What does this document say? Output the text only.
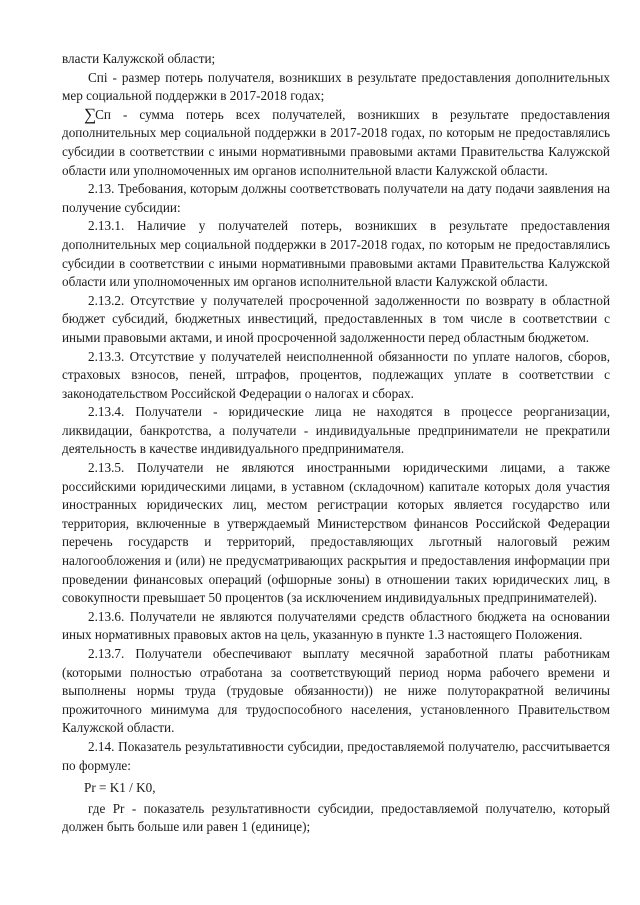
власти Калужской области;

Спi - размер потерь получателя, возникших в результате предоставления дополнительных мер социальной поддержки в 2017-2018 годах;

∑Сп - сумма потерь всех получателей, возникших в результате предоставления дополнительных мер социальной поддержки в 2017-2018 годах, по которым не предоставлялись субсидии в соответствии с иными нормативными правовыми актами Правительства Калужской области или уполномоченных им органов исполнительной власти Калужской области.

2.13. Требования, которым должны соответствовать получатели на дату подачи заявления на получение субсидии:

2.13.1. Наличие у получателей потерь, возникших в результате предоставления дополнительных мер социальной поддержки в 2017-2018 годах, по которым не предоставлялись субсидии в соответствии с иными нормативными правовыми актами Правительства Калужской области или уполномоченных им органов исполнительной власти Калужской области.

2.13.2. Отсутствие у получателей просроченной задолженности по возврату в областной бюджет субсидий, бюджетных инвестиций, предоставленных в том числе в соответствии с иными правовыми актами, и иной просроченной задолженности перед областным бюджетом.

2.13.3. Отсутствие у получателей неисполненной обязанности по уплате налогов, сборов, страховых взносов, пеней, штрафов, процентов, подлежащих уплате в соответствии с законодательством Российской Федерации о налогах и сборах.

2.13.4. Получатели - юридические лица не находятся в процессе реорганизации, ликвидации, банкротства, а получатели - индивидуальные предприниматели не прекратили деятельность в качестве индивидуального предпринимателя.

2.13.5. Получатели не являются иностранными юридическими лицами, а также российскими юридическими лицами, в уставном (складочном) капитале которых доля участия иностранных юридических лиц, местом регистрации которых является государство или территория, включенные в утверждаемый Министерством финансов Российской Федерации перечень государств и территорий, предоставляющих льготный налоговый режим налогообложения и (или) не предусматривающих раскрытия и предоставления информации при проведении финансовых операций (офшорные зоны) в отношении таких юридических лиц, в совокупности превышает 50 процентов (за исключением индивидуальных предпринимателей).

2.13.6. Получатели не являются получателями средств областного бюджета на основании иных нормативных правовых актов на цель, указанную в пункте 1.3 настоящего Положения.

2.13.7. Получатели обеспечивают выплату месячной заработной платы работникам (которыми полностью отработана за соответствующий период норма рабочего времени и выполнены нормы труда (трудовые обязанности)) не ниже полуторакратной величины прожиточного минимума для трудоспособного населения, установленного Правительством Калужской области.

2.14. Показатель результативности субсидии, предоставляемой получателю, рассчитывается по формуле:

Pr = K1 / K0,

где Pr - показатель результативности субсидии, предоставляемой получателю, который должен быть больше или равен 1 (единице);
